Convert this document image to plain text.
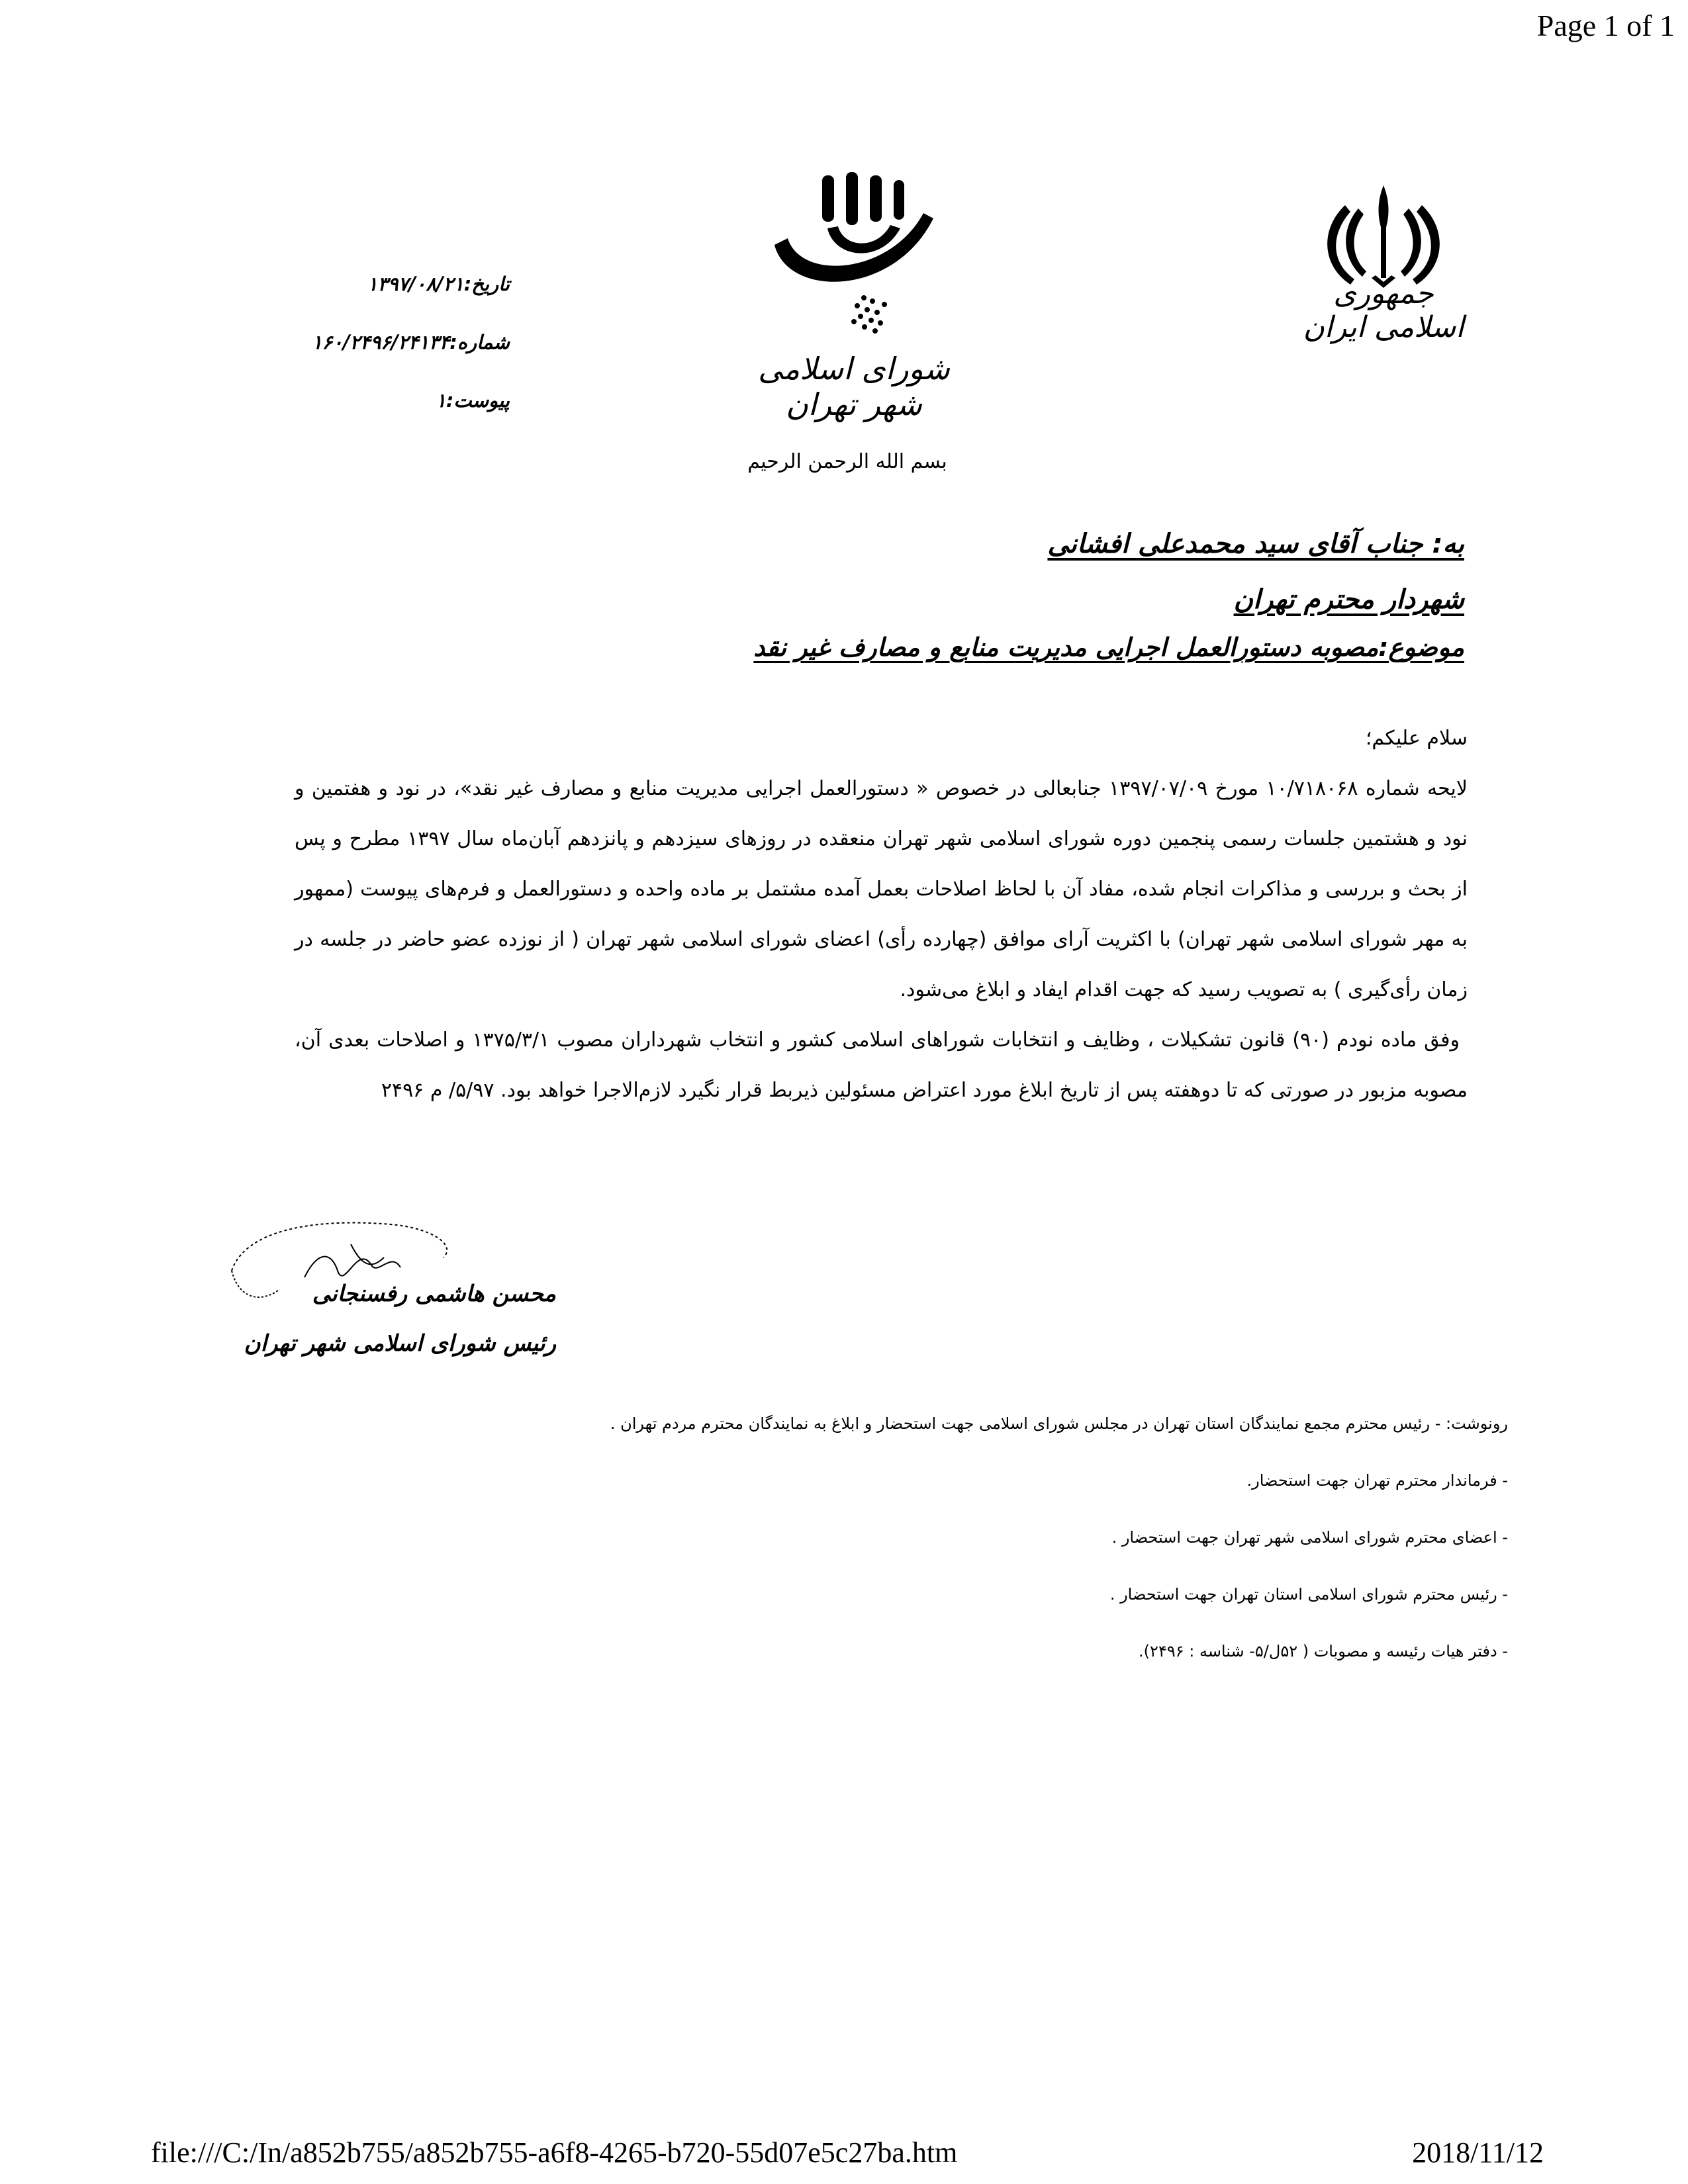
Page 1 of 1
جمهوری اسلامی ایران
شورای اسلامی شهر تهران
تاریخ:۱۳۹۷/۰۸/۲۱
شماره:۱۶۰/۲۴۹۶/۲۴۱۳۴
پیوست:۱
بسم الله الرحمن الرحیم
به: جناب آقای سید محمدعلی افشانی
شهردار محترم تهران
موضوع:مصوبه دستورالعمل اجرایی مدیریت منابع و مصارف غیر نقد

سلام علیکم؛

لایحه شماره ۱۰/۷۱۸۰۶۸ مورخ ۱۳۹۷/۰۷/۰۹ جنابعالی در خصوص « دستورالعمل اجرایی مدیریت منابع و مصارف غیر نقد»، در نود و هفتمین و نود و هشتمین جلسات رسمی پنجمین دوره شورای اسلامی شهر تهران منعقده در روزهای سیزدهم و پانزدهم آبان‌ماه سال ۱۳۹۷ مطرح و پس از بحث و بررسی و مذاکرات انجام شده، مفاد آن با لحاظ اصلاحات بعمل آمده مشتمل بر ماده واحده و دستورالعمل و فرم‌های پیوست (ممهور به مهر شورای اسلامی شهر تهران) با اکثریت آرای موافق (چهارده رأی) اعضای شورای اسلامی شهر تهران ( از نوزده عضو حاضر در جلسه در زمان رأی‌گیری ) به تصویب رسید که جهت اقدام ایفاد و ابلاغ می‌شود.

وفق ماده نودم (۹۰) قانون تشکیلات ، وظایف و انتخابات شوراهای اسلامی کشور و انتخاب شهرداران مصوب ۱۳۷۵/۳/۱ و اصلاحات بعدی آن، مصوبه مزبور در صورتی که تا دوهفته پس از تاریخ ابلاغ مورد اعتراض مسئولین ذیربط قرار نگیرد لازم‌الاجرا خواهد بود. ۵/۹۷/ م ۲۴۹۶

محسن هاشمی رفسنجانی
رئیس شورای اسلامی شهر تهران
رونوشت: - رئیس محترم مجمع نمایندگان استان تهران در مجلس شورای اسلامی جهت استحضار و ابلاغ به نمایندگان محترم مردم تهران .
- فرماندار محترم تهران جهت استحضار.
- اعضای محترم شورای اسلامی شهر تهران جهت استحضار .
- رئیس محترم شورای اسلامی استان تهران جهت استحضار .
- دفتر هیات رئیسه و مصوبات ( ۵۲ل/۵- شناسه : ۲۴۹۶).
file:///C:/In/a852b755/a852b755-a6f8-4265-b720-55d07e5c27ba.htm	2018/11/12
